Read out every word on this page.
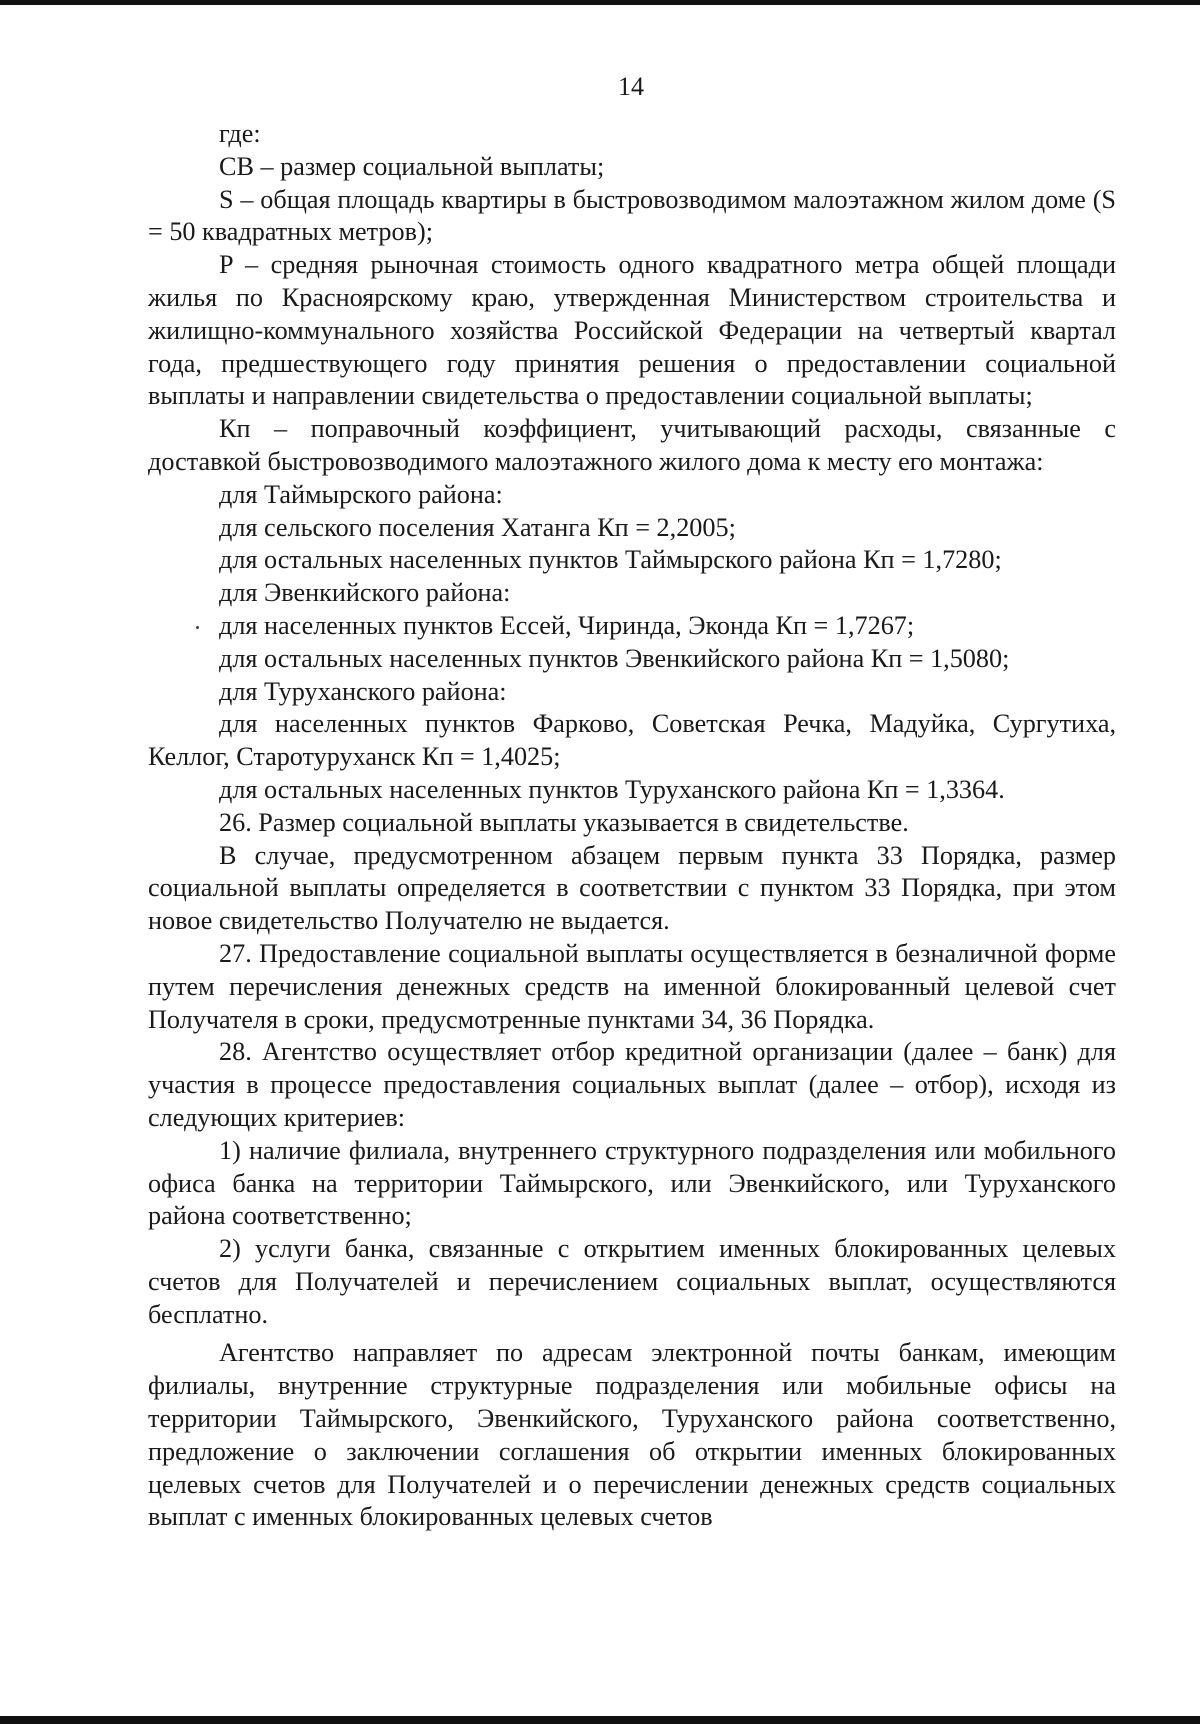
14

где:

СВ – размер социальной выплаты;

S – общая площадь квартиры в быстровозводимом малоэтажном жилом доме (S = 50 квадратных метров);

P – средняя рыночная стоимость одного квадратного метра общей площади жилья по Красноярскому краю, утвержденная Министерством строительства и жилищно-коммунального хозяйства Российской Федерации на четвертый квартал года, предшествующего году принятия решения о предоставлении социальной выплаты и направлении свидетельства о предоставлении социальной выплаты;

Кп – поправочный коэффициент, учитывающий расходы, связанные с доставкой быстровозводимого малоэтажного жилого дома к месту его монтажа:

для Таймырского района:

для сельского поселения Хатанга Кп = 2,2005;

для остальных населенных пунктов Таймырского района Кп = 1,7280;

для Эвенкийского района:

для населенных пунктов Ессей, Чиринда, Эконда Кп = 1,7267;

для остальных населенных пунктов Эвенкийского района Кп = 1,5080;

для Туруханского района:

для населенных пунктов Фарково, Советская Речка, Мадуйка, Сургутиха, Келлог, Старотуруханск Кп = 1,4025;

для остальных населенных пунктов Туруханского района Кп = 1,3364.

26. Размер социальной выплаты указывается в свидетельстве.

В случае, предусмотренном абзацем первым пункта 33 Порядка, размер социальной выплаты определяется в соответствии с пунктом 33 Порядка, при этом новое свидетельство Получателю не выдается.

27. Предоставление социальной выплаты осуществляется в безналичной форме путем перечисления денежных средств на именной блокированный целевой счет Получателя в сроки, предусмотренные пунктами 34, 36 Порядка.

28. Агентство осуществляет отбор кредитной организации (далее – банк) для участия в процессе предоставления социальных выплат (далее – отбор), исходя из следующих критериев:

1) наличие филиала, внутреннего структурного подразделения или мобильного офиса банка на территории Таймырского, или Эвенкийского, или Туруханского района соответственно;

2) услуги банка, связанные с открытием именных блокированных целевых счетов для Получателей и перечислением социальных выплат, осуществляются бесплатно.

Агентство направляет по адресам электронной почты банкам, имеющим филиалы, внутренние структурные подразделения или мобильные офисы на территории Таймырского, Эвенкийского, Туруханского района соответственно, предложение о заключении соглашения об открытии именных блокированных целевых счетов для Получателей и о перечислении денежных средств социальных выплат с именных блокированных целевых счетов
